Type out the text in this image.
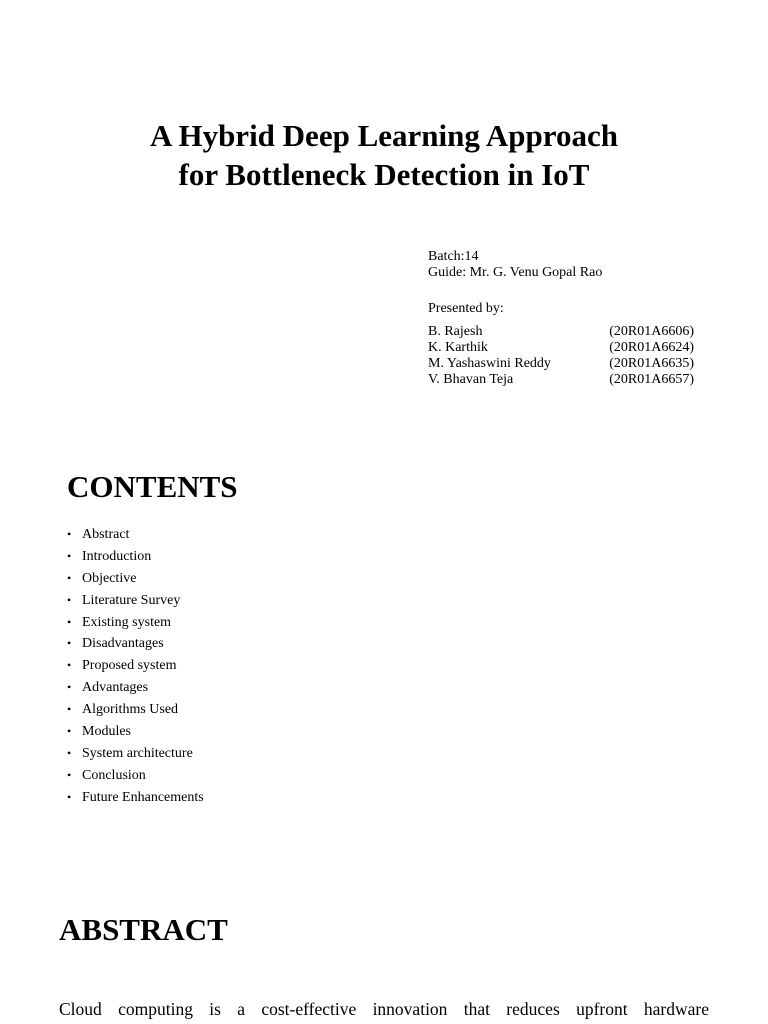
A Hybrid Deep Learning Approach
for Bottleneck Detection in IoT
Batch:14
Guide: Mr. G. Venu Gopal Rao
Presented by:
B. Rajesh	(20R01A6606)
K. Karthik	(20R01A6624)
M. Yashaswini Reddy	(20R01A6635)
V. Bhavan Teja	(20R01A6657)
CONTENTS
• Abstract
• Introduction
• Objective
• Literature Survey
• Existing system
• Disadvantages
• Proposed system
• Advantages
• Algorithms Used
• Modules
• System architecture
• Conclusion
• Future Enhancements
ABSTRACT

Cloud computing is a cost-effective innovation that reduces upfront hardware
